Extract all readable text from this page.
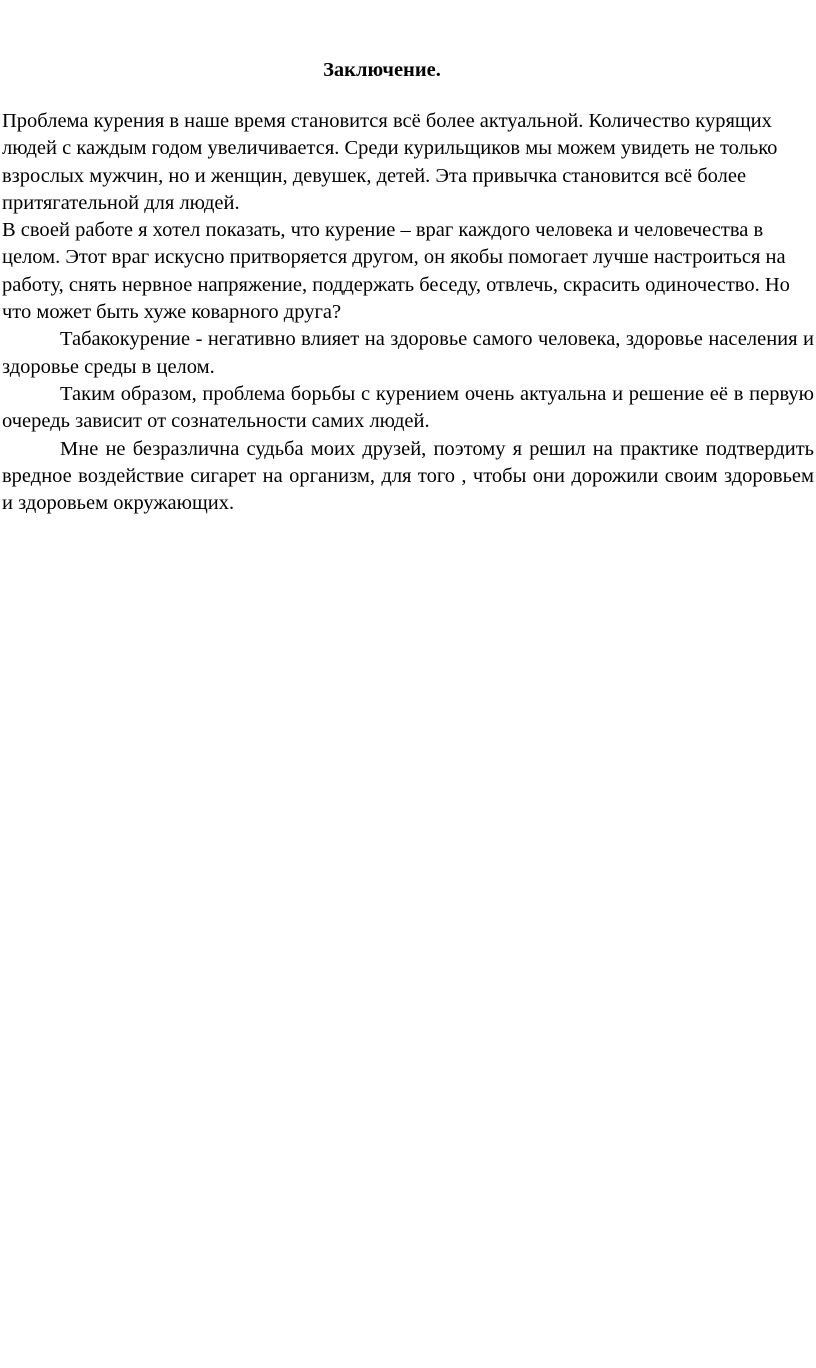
Заключение.

Проблема курения в наше время становится всё более актуальной. Количество курящих людей с каждым годом увеличивается. Среди курильщиков мы можем увидеть не только взрослых мужчин, но и женщин, девушек, детей. Эта привычка становится всё более притягательной для людей.

В своей работе я хотел показать, что курение – враг каждого человека и человечества в целом. Этот враг искусно притворяется другом, он якобы помогает лучше настроиться на работу, снять нервное напряжение, поддержать беседу, отвлечь, скрасить одиночество. Но что может быть хуже коварного друга?

Табакокурение - негативно влияет на здоровье самого человека, здоровье населения и здоровье среды в целом.

Таким образом, проблема борьбы с курением очень актуальна и решение её в первую очередь зависит от сознательности самих людей.

Мне не безразлична судьба моих друзей, поэтому я решил на практике подтвердить вредное воздействие сигарет на организм, для того , чтобы они дорожили своим здоровьем и здоровьем окружающих.
